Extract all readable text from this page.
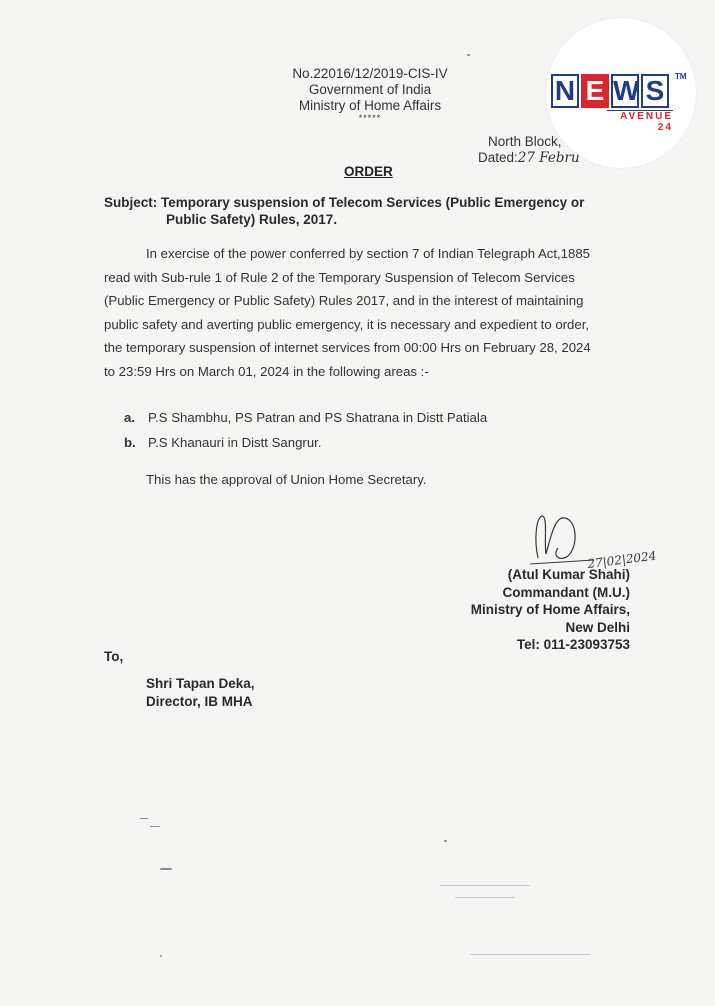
No.22016/12/2019-CIS-IV
Government of India
Ministry of Home Affairs
*****
North Block,
Dated:27 Febru
ORDER
Subject: Temporary suspension of Telecom Services (Public Emergency or
Public Safety) Rules, 2017.
In exercise of the power conferred by section 7 of Indian Telegraph Act,1885
read with Sub-rule 1 of Rule 2 of the Temporary Suspension of Telecom Services
(Public Emergency or Public Safety) Rules 2017, and in the interest of maintaining
public safety and averting public emergency, it is necessary and expedient to order,
the temporary suspension of internet services from 00:00 Hrs on February 28, 2024
to 23:59 Hrs on March 01, 2024 in the following areas :-
a. P.S Shambhu, PS Patran and PS Shatrana in Distt Patiala
b. P.S Khanauri in Distt Sangrur.
This has the approval of Union Home Secretary.
27|02|2024
(Atul Kumar Shahi)
Commandant (M.U.)
Ministry of Home Affairs,
New Delhi
Tel: 011-23093753
To,
Shri Tapan Deka,
Director, IB MHA
N E W S	TM
AVENUE 24
